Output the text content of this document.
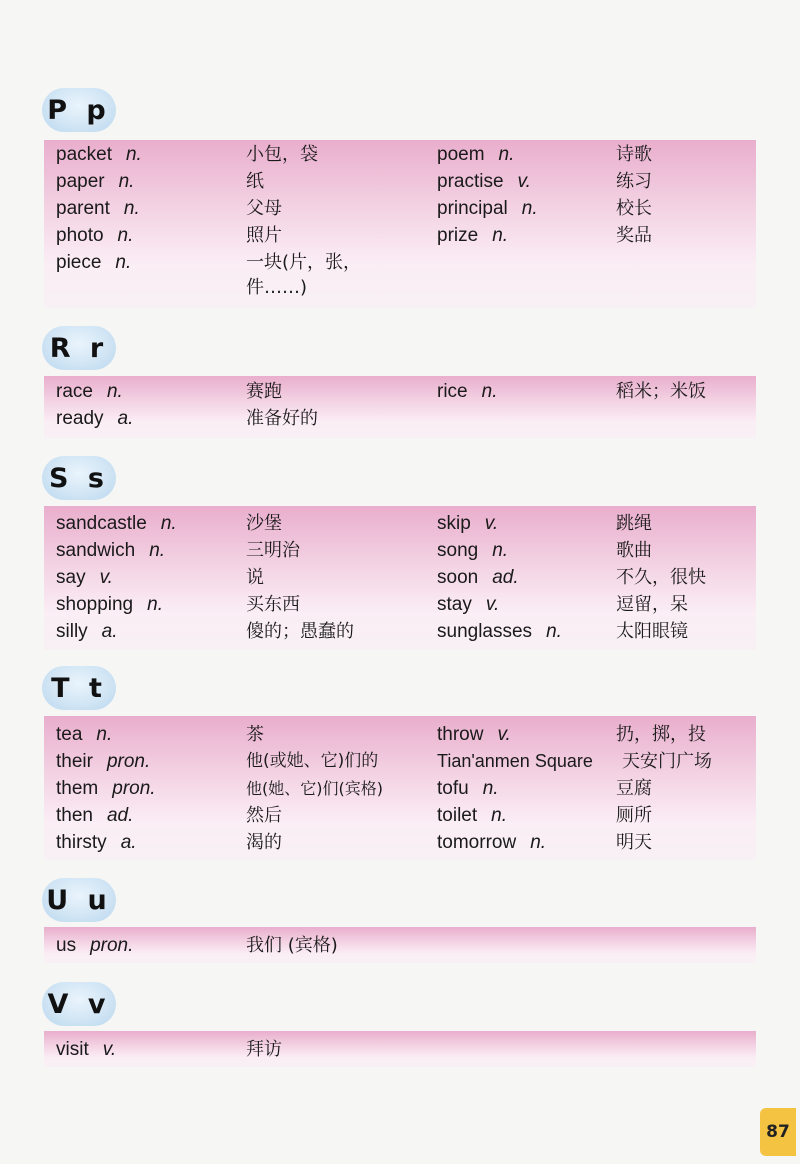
P p
packet n.	小包，袋	poem n.	诗歌
paper n.	纸	practise v.	练习
parent n.	父母	principal n.	校长
photo n.	照片	prize n.	奖品
piece n.	一块(片，张，
件……)
R r
race n.	赛跑	rice n.	稻米；米饭
ready a.	准备好的
S s
sandcastle n.	沙堡	skip v.	跳绳
sandwich n.	三明治	song n.	歌曲
say v.	说	soon ad.	不久，很快
shopping n.	买东西	stay v.	逗留，呆
silly a.	傻的；愚蠢的	sunglasses n.	太阳眼镜
T t
tea n.	茶	throw v.	扔，掷，投
their pron.	他(或她、它)们的	Tian'anmen Square 天安门广场
them pron.	他(她、它)们(宾格)	tofu n.	豆腐
then ad.	然后	toilet n.	厕所
thirsty a.	渴的	tomorrow n.	明天
U u
us pron.	我们 (宾格)
V v
visit v.	拜访
87
